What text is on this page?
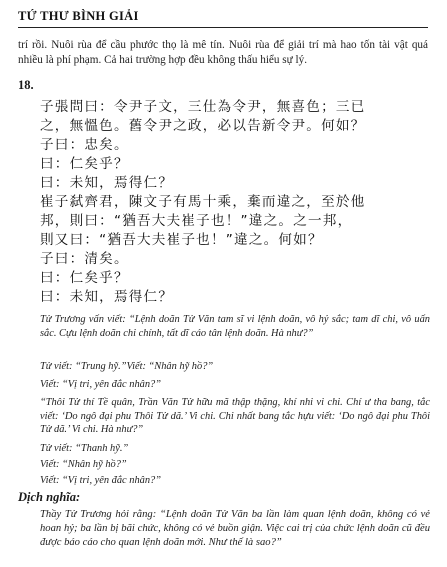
TỨ THƯ BÌNH GIẢI

trí rồi. Nuôi rùa để cầu phước thọ là mê tín. Nuôi rùa để giải trí mà hao tốn tài vật quá nhiều là phí phạm. Cả hai trường hợp đều không thấu hiểu sự lý.

18.
子張問曰：令尹子文，三仕為令尹，無喜色；三已
之，無慍色。舊令尹之政，必以告新令尹。何如？
子曰：忠矣。
曰：仁矣乎？
曰：未知，焉得仁？
崔子弑齊君，陳文子有馬十乘，棄而違之，至於他
邦，則曰：“猶吾大夫崔子也！”違之。之一邦，
則又曰：“猶吾大夫崔子也！”違之。何如？
子曰：清矣。
曰：仁矣乎？
曰：未知，焉得仁？

Tử Trương vấn viết: “Lệnh doãn Tử Văn tam sĩ vi lệnh doãn, vô hỷ sắc; tam dĩ chi, vô uấn sắc. Cựu lệnh doãn chi chính, tất dĩ cáo tân lệnh doãn. Hà như?”

Tử viết: “Trung hỹ.”Viết: “Nhân hỹ hồ?”

Viết: “Vị tri, yên đắc nhân?”

“Thôi Tử thí Tề quân, Trần Văn Tử hữu mã thập thặng, khí nhi vi chi. Chí ư tha bang, tắc viết: ‘Do ngô đại phu Thôi Tử dã.’ Vi chi. Chi nhất bang tắc hựu viết: ‘Do ngô đại phu Thôi Tử dã.’ Vi chi. Hà như?”

Tử viết: “Thanh hỹ.”

Viết: “Nhân hỹ hồ?”

Viết: “Vị tri, yên đắc nhân?”

Dịch nghĩa:

Thầy Tử Trương hỏi rằng: “Lệnh doãn Tử Văn ba lần làm quan lệnh doãn, không có vẻ hoan hỷ; ba lần bị bãi chức, không có vẻ buồn giận. Việc cai trị của chức lệnh doãn cũ đều được báo cáo cho quan lệnh doãn mới. Như thế là sao?”
